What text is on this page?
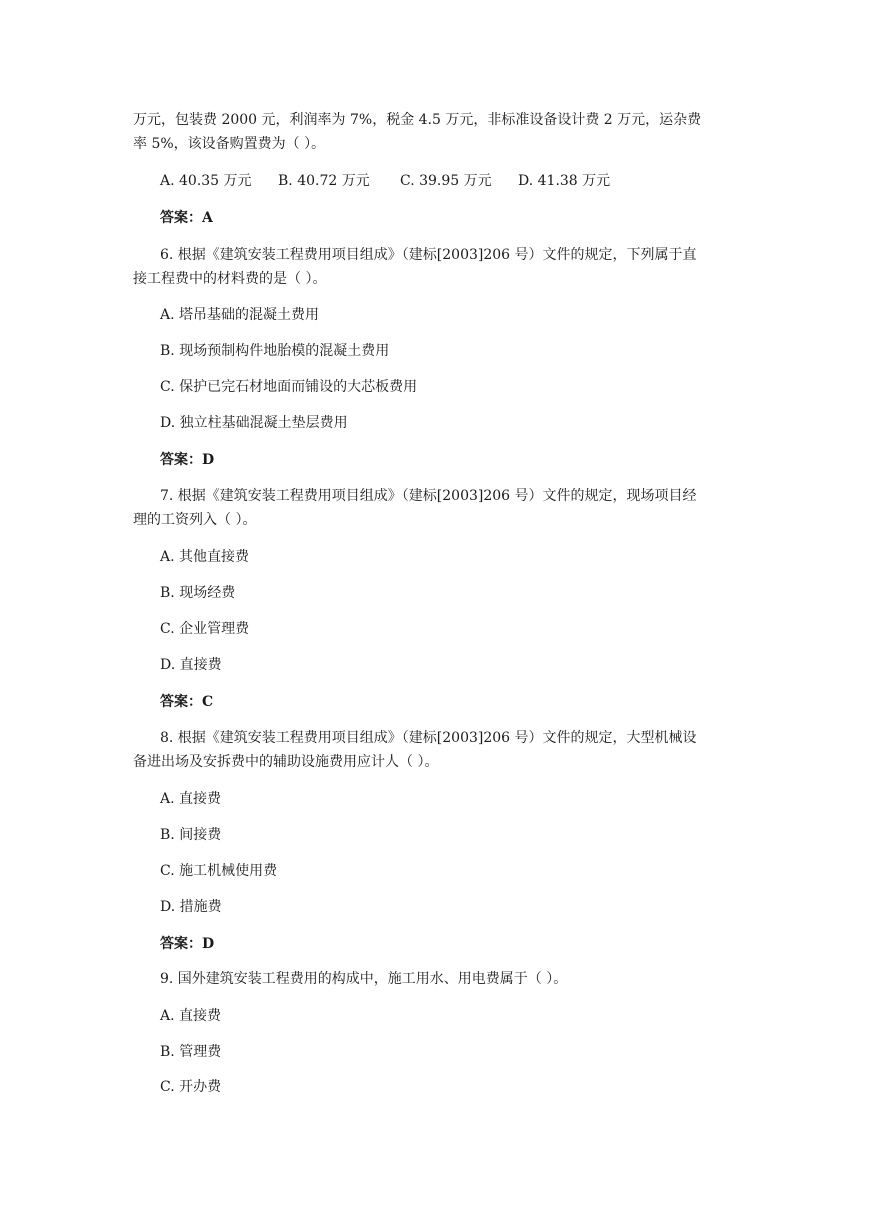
万元，包装费 2000 元，利润率为 7%，税金 4.5 万元，非标准设备设计费 2 万元，运杂费
率 5%，该设备购置费为（ ）。
A. 40.35 万元 B. 40.72 万元 C. 39.95 万元 D. 41.38 万元
答案：A
6. 根据《建筑安装工程费用项目组成》（建标[2003]206 号）文件的规定，下列属于直
接工程费中的材料费的是（ ）。
A. 塔吊基础的混凝土费用
B. 现场预制构件地胎模的混凝土费用
C. 保护已完石材地面而铺设的大芯板费用
D. 独立柱基础混凝土垫层费用
答案：D
7. 根据《建筑安装工程费用项目组成》（建标[2003]206 号）文件的规定，现场项目经
理的工资列入（ ）。
A. 其他直接费
B. 现场经费
C. 企业管理费
D. 直接费
答案：C
8. 根据《建筑安装工程费用项目组成》（建标[2003]206 号）文件的规定，大型机械设
备进出场及安拆费中的辅助设施费用应计人（ ）。
A. 直接费
B. 间接费
C. 施工机械使用费
D. 措施费
答案：D
9. 国外建筑安装工程费用的构成中，施工用水、用电费属于（ ）。
A. 直接费
B. 管理费
C. 开办费
